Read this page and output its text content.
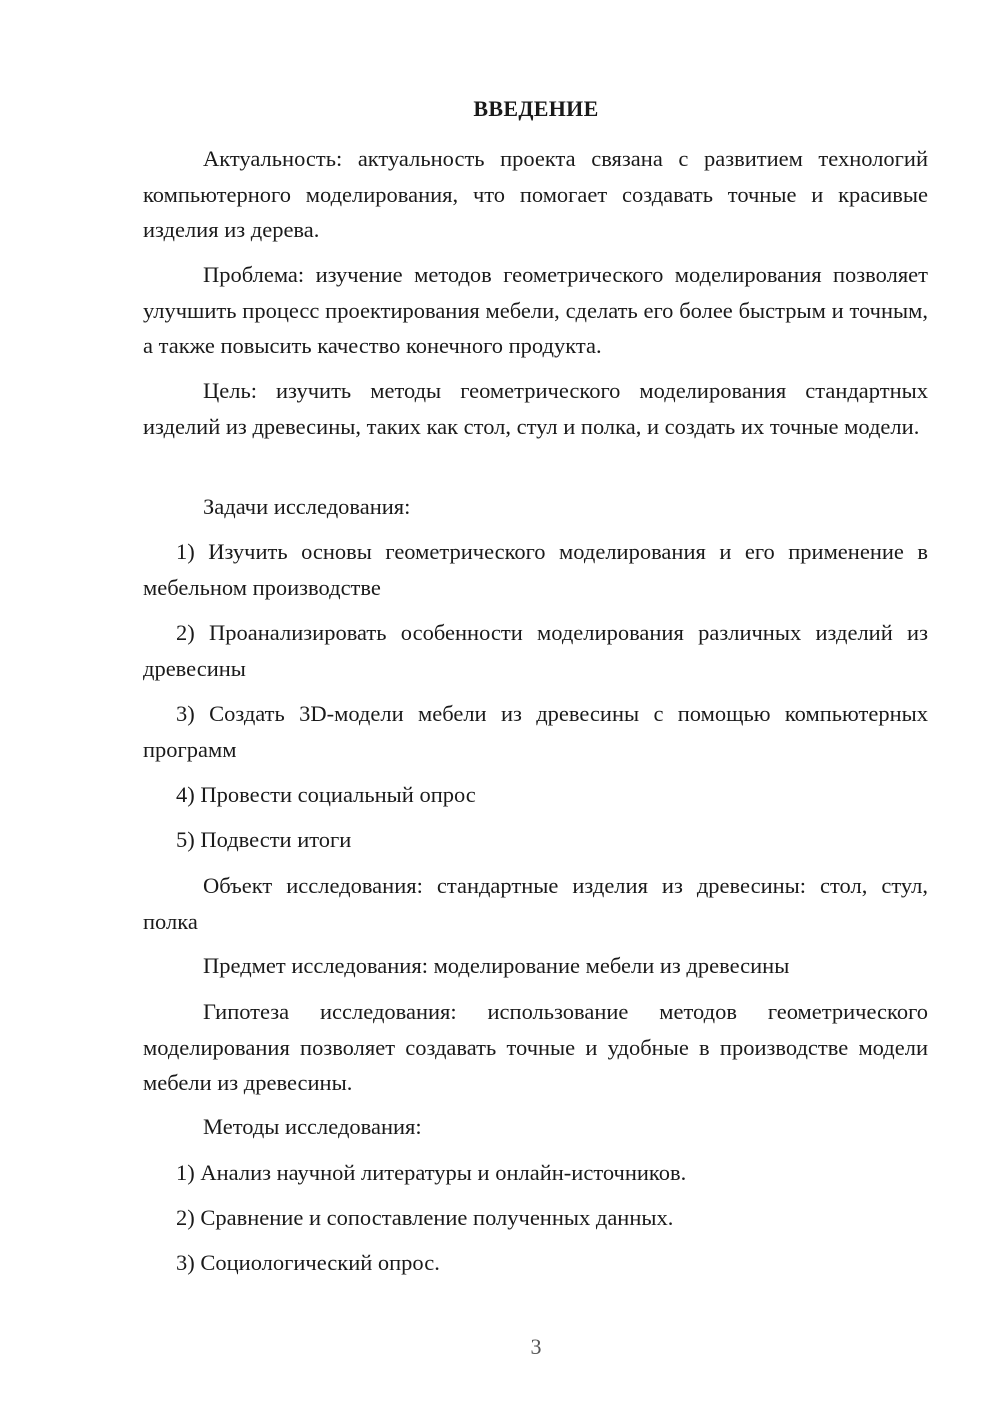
ВВЕДЕНИЕ

Актуальность: актуальность проекта связана с развитием технологий компьютерного моделирования, что помогает создавать точные и красивые изделия из дерева.

Проблема: изучение методов геометрического моделирования позволяет улучшить процесс проектирования мебели, сделать его более быстрым и точным, а также повысить качество конечного продукта.

Цель: изучить методы геометрического моделирования стандартных изделий из древесины, таких как стол, стул и полка, и создать их точные модели.

Задачи исследования:

1) Изучить основы геометрического моделирования и его применение в мебельном производстве

2) Проанализировать особенности моделирования различных изделий из древесины

3) Создать 3D-модели мебели из древесины с помощью компьютерных программ

4) Провести социальный опрос

5) Подвести итоги

Объект исследования: стандартные изделия из древесины: стол, стул, полка

Предмет исследования: моделирование мебели из древесины

Гипотеза исследования: использование методов геометрического моделирования позволяет создавать точные и удобные в производстве модели мебели из древесины.

Методы исследования:

1) Анализ научной литературы и онлайн-источников.

2) Сравнение и сопоставление полученных данных.

3) Социологический опрос.

3
